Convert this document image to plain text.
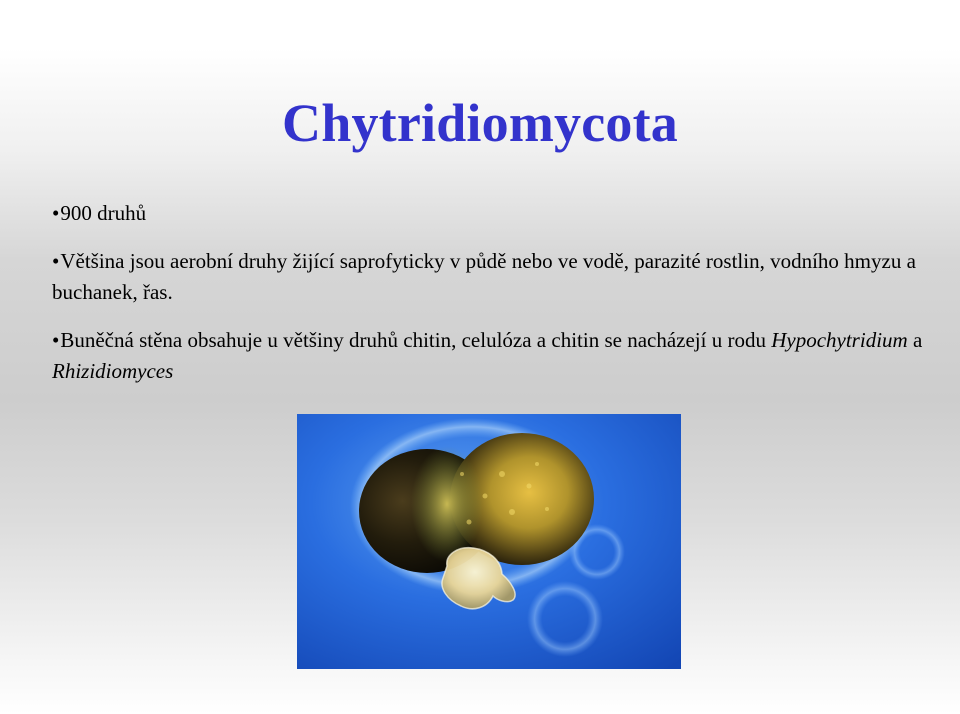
Chytridiomycota
• 900 druhů
• Většina jsou aerobní druhy žijící saprofyticky v půdě nebo ve vodě, parazité rostlin, vodního hmyzu a buchanek, řas.
• Buněčná stěna obsahuje u většiny druhů chitin, celulóza a chitin se nacházejí u rodu Hypochytridium a Rhizidiomyces
